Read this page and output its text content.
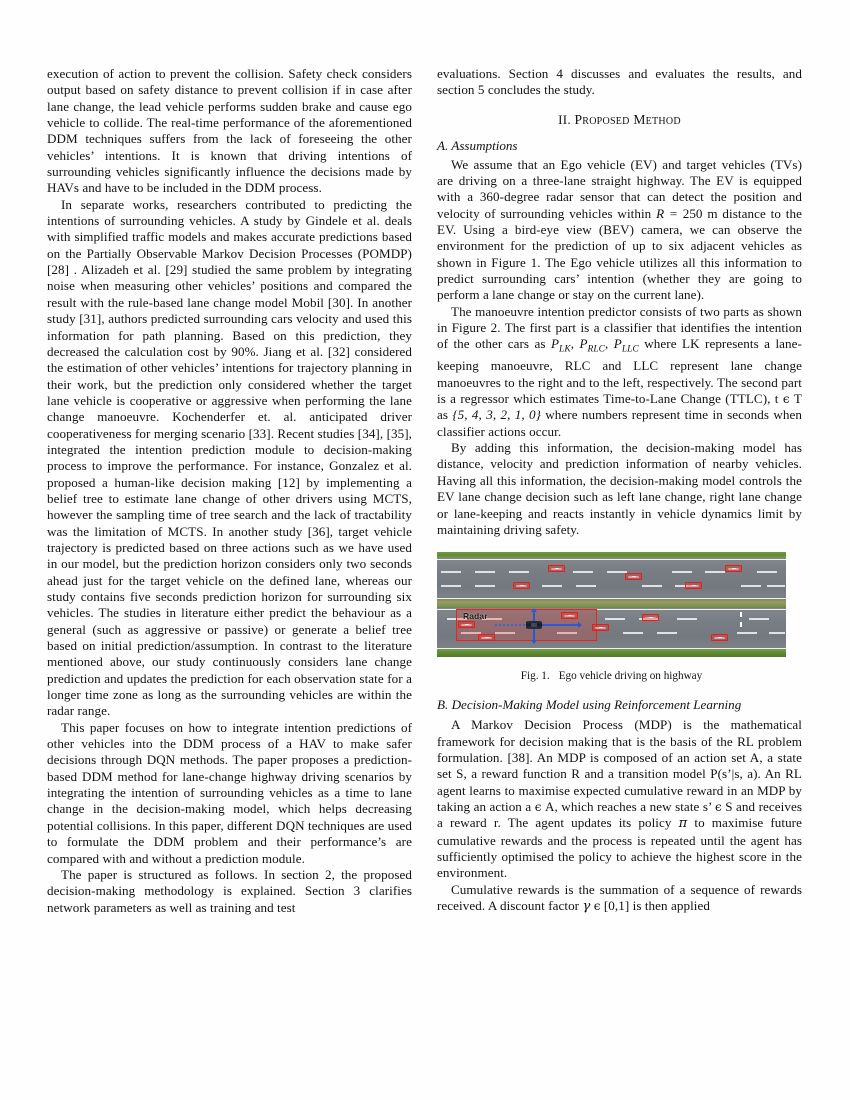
execution of action to prevent the collision. Safety check considers output based on safety distance to prevent collision if in case after lane change, the lead vehicle performs sudden brake and cause ego vehicle to collide. The real-time performance of the aforementioned DDM techniques suffers from the lack of foreseeing the other vehicles’ intentions. It is known that driving intentions of surrounding vehicles significantly influence the decisions made by HAVs and have to be included in the DDM process.

In separate works, researchers contributed to predicting the intentions of surrounding vehicles. A study by Gindele et al. deals with simplified traffic models and makes accurate predictions based on the Partially Observable Markov Decision Processes (POMDP) [28] . Alizadeh et al. [29] studied the same problem by integrating noise when measuring other vehicles’ positions and compared the result with the rule-based lane change model Mobil [30]. In another study [31], authors predicted surrounding cars velocity and used this information for path planning. Based on this prediction, they decreased the calculation cost by 90%. Jiang et al. [32] considered the estimation of other vehicles’ intentions for trajectory planning in their work, but the prediction only considered whether the target lane vehicle is cooperative or aggressive when performing the lane change manoeuvre. Kochenderfer et. al. anticipated driver cooperativeness for merging scenario [33]. Recent studies [34], [35], integrated the intention prediction module to decision-making process to improve the performance. For instance, Gonzalez et al. proposed a human-like decision making [12] by implementing a belief tree to estimate lane change of other drivers using MCTS, however the sampling time of tree search and the lack of tractability was the limitation of MCTS. In another study [36], target vehicle trajectory is predicted based on three actions such as we have used in our model, but the prediction horizon considers only two seconds ahead just for the target vehicle on the defined lane, whereas our study contains five seconds prediction horizon for surrounding six vehicles. The studies in literature either predict the behaviour as a general (such as aggressive or passive) or generate a belief tree based on initial prediction/assumption. In contrast to the literature mentioned above, our study continuously considers lane change prediction and updates the prediction for each observation state for a longer time zone as long as the surrounding vehicles are within the radar range.

This paper focuses on how to integrate intention predictions of other vehicles into the DDM process of a HAV to make safer decisions through DQN methods. The paper proposes a prediction-based DDM method for lane-change highway driving scenarios by integrating the intention of surrounding vehicles as a time to lane change in the decision-making model, which helps decreasing potential collisions. In this paper, different DQN techniques are used to formulate the DDM problem and their performance’s are compared with and without a prediction module.

The paper is structured as follows. In section 2, the proposed decision-making methodology is explained. Section 3 clarifies network parameters as well as training and test

evaluations. Section 4 discusses and evaluates the results, and section 5 concludes the study.

II. Proposed Method
A. Assumptions

We assume that an Ego vehicle (EV) and target vehicles (TVs) are driving on a three-lane straight highway. The EV is equipped with a 360-degree radar sensor that can detect the position and velocity of surrounding vehicles within R = 250 m distance to the EV. Using a bird-eye view (BEV) camera, we can observe the environment for the prediction of up to six adjacent vehicles as shown in Figure 1. The Ego vehicle utilizes all this information to predict surrounding cars’ intention (whether they are going to perform a lane change or stay on the current lane).

The manoeuvre intention predictor consists of two parts as shown in Figure 2. The first part is a classifier that identifies the intention of the other cars as $P_{LK}$, $P_{RLC}$, $P_{LLC}$ where LK represents a lane-keeping manoeuvre, RLC and LLC represent lane change manoeuvres to the right and to the left, respectively. The second part is a regressor which estimates Time-to-Lane Change (TTLC), t ϵ T as {5, 4, 3, 2, 1, 0} where numbers represent time in seconds when classifier actions occur.

By adding this information, the decision-making model has distance, velocity and prediction information of nearby vehicles. Having all this information, the decision-making model controls the EV lane change decision such as left lane change, right lane change or lane-keeping and reacts instantly in vehicle dynamics limit by maintaining driving safety.

Radar
Fig. 1. Ego vehicle driving on highway
B. Decision-Making Model using Reinforcement Learning

A Markov Decision Process (MDP) is the mathematical framework for decision making that is the basis of the RL problem formulation. [38]. An MDP is composed of an action set A, a state set S, a reward function R and a transition model P(s’|s, a). An RL agent learns to maximise expected cumulative reward in an MDP by taking an action a ϵ A, which reaches a new state s’ ϵ S and receives a reward r. The agent updates its policy π to maximise future cumulative rewards and the process is repeated until the agent has sufficiently optimised the policy to achieve the highest score in the environment.

Cumulative rewards is the summation of a sequence of rewards received. A discount factor γ ϵ [0,1] is then applied
